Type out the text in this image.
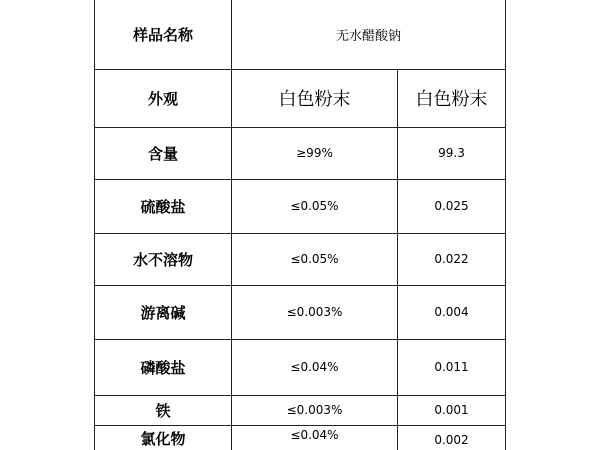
样品名称	无水醋酸钠
外观	白色粉末	白色粉末
含量	≥99%	99.3
硫酸盐	≤0.05%	0.025
水不溶物	≤0.05%	0.022
游离碱	≤0.003%	0.004
磷酸盐	≤0.04%	0.011
铁	≤0.003%	0.001
氯化物	≤0.04%	0.002
